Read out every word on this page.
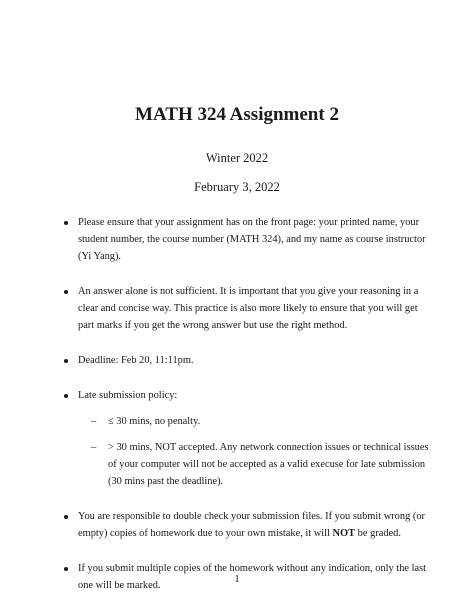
MATH 324 Assignment 2
Winter 2022
February 3, 2022
Please ensure that your assignment has on the front page: your printed name, your student number, the course number (MATH 324), and my name as course instructor (Yi Yang).
An answer alone is not sufficient. It is important that you give your reasoning in a clear and concise way. This practice is also more likely to ensure that you will get part marks if you get the wrong answer but use the right method.
Deadline: Feb 20, 11:11pm.
Late submission policy:
– ≤ 30 mins, no penalty.
– > 30 mins, NOT accepted. Any network connection issues or technical issues of your computer will not be accepted as a valid execuse for late submission (30 mins past the deadline).
You are responsible to double check your submission files. If you submit wrong (or empty) copies of homework due to your own mistake, it will NOT be graded.
If you submit multiple copies of the homework without any indication, only the last one will be marked.
1
